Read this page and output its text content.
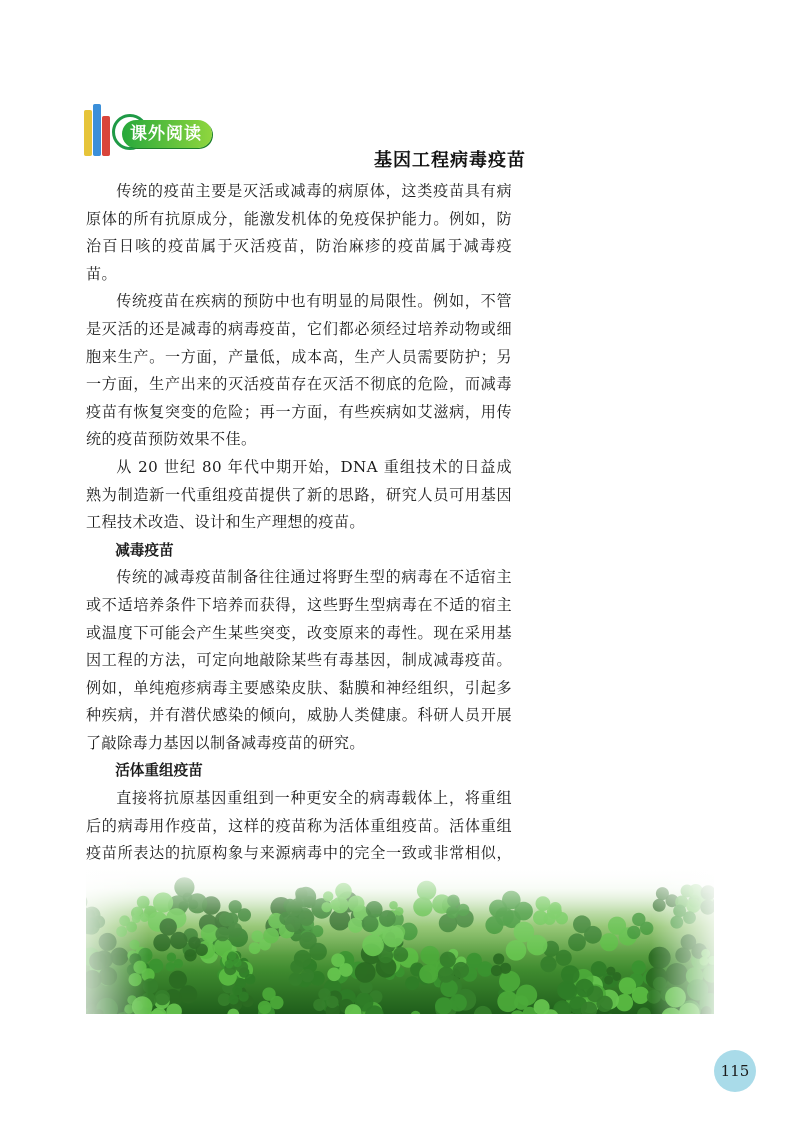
课外阅读
基因工程病毒疫苗

传统的疫苗主要是灭活或减毒的病原体，这类疫苗具有病原体的所有抗原成分，能激发机体的免疫保护能力。例如，防治百日咳的疫苗属于灭活疫苗，防治麻疹的疫苗属于减毒疫苗。

传统疫苗在疾病的预防中也有明显的局限性。例如，不管是灭活的还是减毒的病毒疫苗，它们都必须经过培养动物或细胞来生产。一方面，产量低，成本高，生产人员需要防护；另一方面，生产出来的灭活疫苗存在灭活不彻底的危险，而减毒疫苗有恢复突变的危险；再一方面，有些疾病如艾滋病，用传统的疫苗预防效果不佳。

从 20 世纪 80 年代中期开始，DNA 重组技术的日益成熟为制造新一代重组疫苗提供了新的思路，研究人员可用基因工程技术改造、设计和生产理想的疫苗。

减毒疫苗

传统的减毒疫苗制备往往通过将野生型的病毒在不适宿主或不适培养条件下培养而获得，这些野生型病毒在不适的宿主或温度下可能会产生某些突变，改变原来的毒性。现在采用基因工程的方法，可定向地敲除某些有毒基因，制成减毒疫苗。例如，单纯疱疹病毒主要感染皮肤、黏膜和神经组织，引起多种疾病，并有潜伏感染的倾向，威胁人类健康。科研人员开展了敲除毒力基因以制备减毒疫苗的研究。

活体重组疫苗

直接将抗原基因重组到一种更安全的病毒载体上，将重组后的病毒用作疫苗，这样的疫苗称为活体重组疫苗。活体重组疫苗所表达的抗原构象与来源病毒中的完全一致或非常相似，

115
